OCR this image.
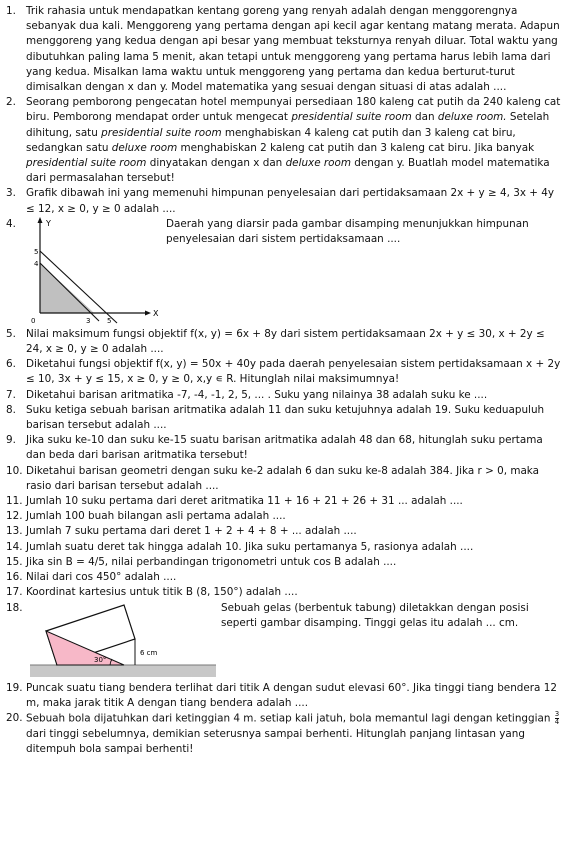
1. Trik rahasia untuk mendapatkan kentang goreng yang renyah adalah dengan menggorengnya sebanyak dua kali. Menggoreng yang pertama dengan api kecil agar kentang matang merata. Adapun menggoreng yang kedua dengan api besar yang membuat teksturnya renyah diluar. Total waktu yang dibutuhkan paling lama 5 menit, akan tetapi untuk menggoreng yang pertama harus lebih lama dari yang kedua. Misalkan lama waktu untuk menggoreng yang pertama dan kedua berturut-turut dimisalkan dengan x dan y. Model matematika yang sesuai dengan situasi di atas adalah ....

2. Seorang pemborong pengecatan hotel mempunyai persediaan 180 kaleng cat putih da 240 kaleng cat biru. Pemborong mendapat order untuk mengecat presidential suite room dan deluxe room. Setelah dihitung, satu presidential suite room menghabiskan 4 kaleng cat putih dan 3 kaleng cat biru, sedangkan satu deluxe room menghabiskan 2 kaleng cat putih dan 3 kaleng cat biru. Jika banyak presidential suite room dinyatakan dengan x dan deluxe room dengan y. Buatlah model matematika dari permasalahan tersebut!

3. Grafik dibawah ini yang memenuhi himpunan penyelesaian dari pertidaksamaan 2x + y ≥ 4, 3x + 4y ≤ 12, x ≥ 0, y ≥ 0 adalah ....

4.	Y
X
0
5
4
3 5

Daerah yang diarsir pada gambar disamping menunjukkan himpunan penyelesaian dari sistem pertidaksamaan ....

5. Nilai maksimum fungsi objektif f(x, y) = 6x + 8y dari sistem pertidaksamaan 2x + y ≤ 30, x + 2y ≤ 24, x ≥ 0, y ≥ 0 adalah ....

6. Diketahui fungsi objektif f(x, y) = 50x + 40y pada daerah penyelesaian sistem pertidaksamaan x + 2y ≤ 10, 3x + y ≤ 15, x ≥ 0, y ≥ 0, x,y ∊ R. Hitunglah nilai maksimumnya!

7. Diketahui barisan aritmatika -7, -4, -1, 2, 5, ... . Suku yang nilainya 38 adalah suku ke ....

8. Suku ketiga sebuah barisan aritmatika adalah 11 dan suku ketujuhnya adalah 19. Suku keduapuluh barisan tersebut adalah ....

9. Jika suku ke-10 dan suku ke-15 suatu barisan aritmatika adalah 48 dan 68, hitunglah suku pertama dan beda dari barisan aritmatika tersebut!

10. Diketahui barisan geometri dengan suku ke-2 adalah 6 dan suku ke-8 adalah 384. Jika r > 0, maka rasio dari barisan tersebut adalah ....

11. Jumlah 10 suku pertama dari deret aritmatika 11 + 16 + 21 + 26 + 31 ... adalah ....

12. Jumlah 100 buah bilangan asli pertama adalah ....

13. Jumlah 7 suku pertama dari deret 1 + 2 + 4 + 8 + ... adalah ....

14. Jumlah suatu deret tak hingga adalah 10. Jika suku pertamanya 5, rasionya adalah ....

15. Jika sin B = 4/5, nilai perbandingan trigonometri untuk cos B adalah ....

16. Nilai dari cos 450° adalah ....

17. Koordinat kartesius untuk titik B (8, 150°) adalah ....

18.
30°
6 cm

Sebuah gelas (berbentuk tabung) diletakkan dengan posisi seperti gambar disamping. Tinggi gelas itu adalah ... cm.

19. Puncak suatu tiang bendera terlihat dari titik A dengan sudut elevasi 60°. Jika tinggi tiang bendera 12 m, maka jarak titik A dengan tiang bendera adalah ....

20. Sebuah bola dijatuhkan dari ketinggian 4 m. setiap kali jatuh, bola memantul lagi dengan ketinggian $\frac{3}{4}$
dari tinggi sebelumnya, demikian seterusnya sampai berhenti. Hitunglah panjang lintasan yang ditempuh bola sampai berhenti!
